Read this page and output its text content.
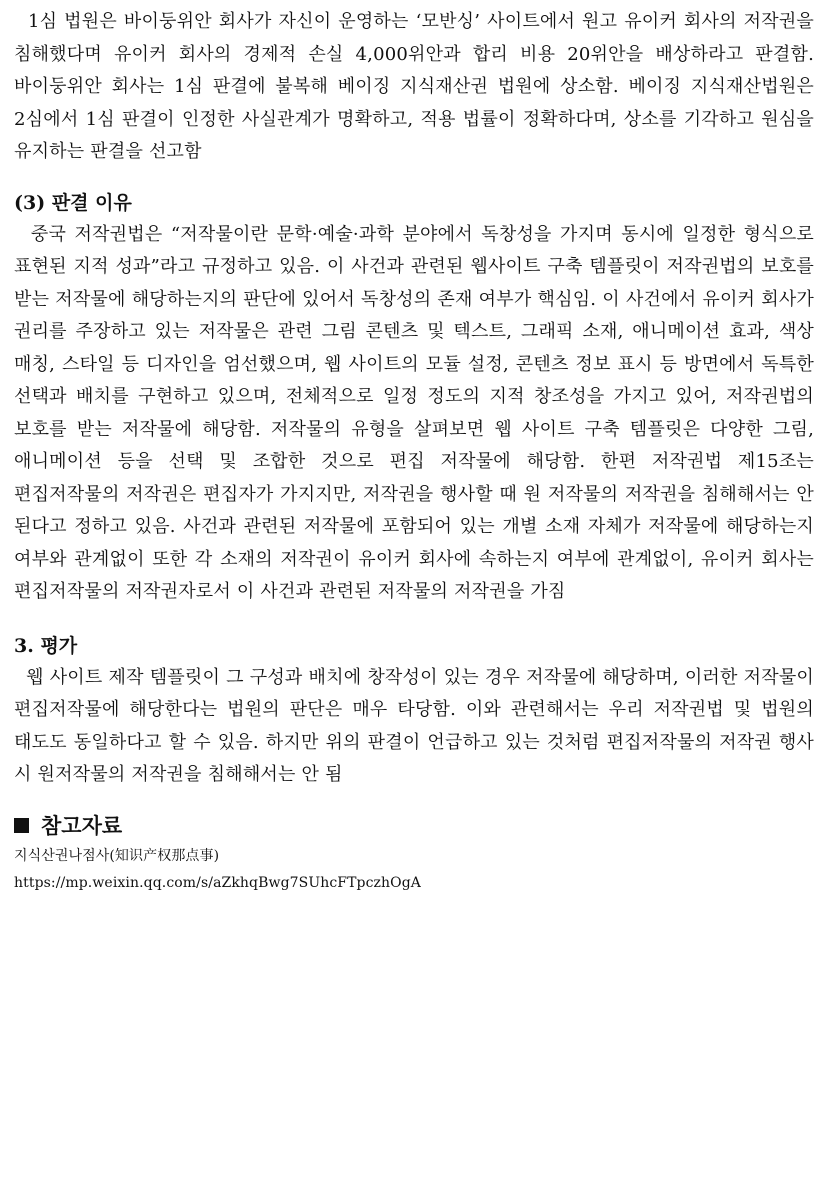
1심 법원은 바이둥위안 회사가 자신이 운영하는 ‘모반싱’ 사이트에서 원고 유이커 회사의 저작권을 침해했다며 유이커 회사의 경제적 손실 4,000위안과 합리 비용 20위안을 배상하라고 판결함. 바이둥위안 회사는 1심 판결에 불복해 베이징 지식재산권 법원에 상소함. 베이징 지식재산법원은 2심에서 1심 판결이 인정한 사실관계가 명확하고, 적용 법률이 정확하다며, 상소를 기각하고 원심을 유지하는 판결을 선고함

(3) 판결 이유

중국 저작권법은 “저작물이란 문학·예술·과학 분야에서 독창성을 가지며 동시에 일정한 형식으로 표현된 지적 성과”라고 규정하고 있음. 이 사건과 관련된 웹사이트 구축 템플릿이 저작권법의 보호를 받는 저작물에 해당하는지의 판단에 있어서 독창성의 존재 여부가 핵심임. 이 사건에서 유이커 회사가 권리를 주장하고 있는 저작물은 관련 그림 콘텐츠 및 텍스트, 그래픽 소재, 애니메이션 효과, 색상 매칭, 스타일 등 디자인을 엄선했으며, 웹 사이트의 모듈 설정, 콘텐츠 정보 표시 등 방면에서 독특한 선택과 배치를 구현하고 있으며, 전체적으로 일정 정도의 지적 창조성을 가지고 있어, 저작권법의 보호를 받는 저작물에 해당함. 저작물의 유형을 살펴보면 웹 사이트 구축 템플릿은 다양한 그림, 애니메이션 등을 선택 및 조합한 것으로 편집 저작물에 해당함. 한편 저작권법 제15조는 편집저작물의 저작권은 편집자가 가지지만, 저작권을 행사할 때 원 저작물의 저작권을 침해해서는 안 된다고 정하고 있음. 사건과 관련된 저작물에 포함되어 있는 개별 소재 자체가 저작물에 해당하는지 여부와 관계없이 또한 각 소재의 저작권이 유이커 회사에 속하는지 여부에 관계없이, 유이커 회사는 편집저작물의 저작권자로서 이 사건과 관련된 저작물의 저작권을 가짐

3. 평가

웹 사이트 제작 템플릿이 그 구성과 배치에 창작성이 있는 경우 저작물에 해당하며, 이러한 저작물이 편집저작물에 해당한다는 법원의 판단은 매우 타당함. 이와 관련해서는 우리 저작권법 및 법원의 태도도 동일하다고 할 수 있음. 하지만 위의 판결이 언급하고 있는 것처럼 편집저작물의 저작권 행사 시 원저작물의 저작권을 침해해서는 안 됨

참고자료

지식산권나점사(知识产权那点事)

https://mp.weixin.qq.com/s/aZkhqBwg7SUhcFTpczhOgA
